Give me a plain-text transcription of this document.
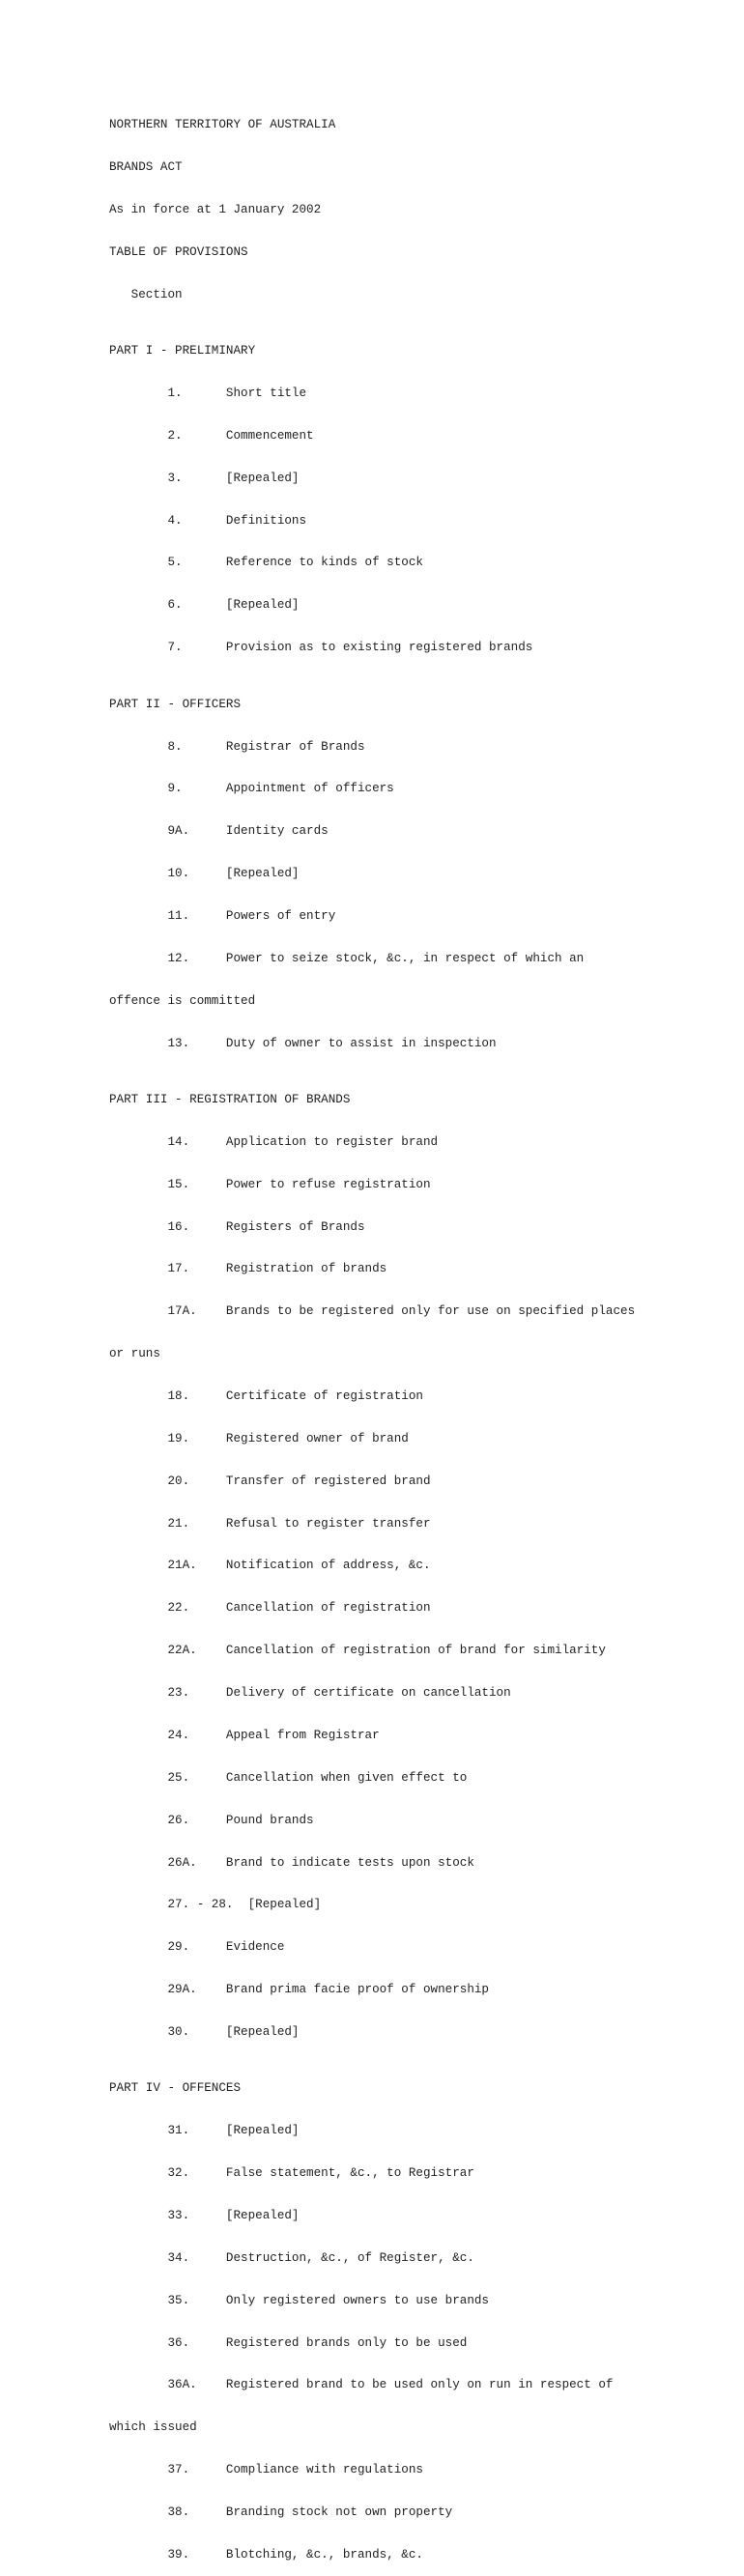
NORTHERN TERRITORY OF AUSTRALIA

BRANDS ACT

As in force at 1 January 2002

TABLE OF PROVISIONS

Section

PART I - PRELIMINARY

1.      Short title

2.      Commencement

3.      [Repealed]

4.      Definitions

5.      Reference to kinds of stock

6.      [Repealed]

7.      Provision as to existing registered brands

PART II - OFFICERS

8.      Registrar of Brands

9.      Appointment of officers

9A.     Identity cards

10.     [Repealed]

11.     Powers of entry

12.     Power to seize stock, &c., in respect of which an

offence is committed

13.     Duty of owner to assist in inspection

PART III - REGISTRATION OF BRANDS

14.     Application to register brand

15.     Power to refuse registration

16.     Registers of Brands

17.     Registration of brands

17A.    Brands to be registered only for use on specified places

or runs

18.     Certificate of registration

19.     Registered owner of brand

20.     Transfer of registered brand

21.     Refusal to register transfer

21A.    Notification of address, &c.

22.     Cancellation of registration

22A.    Cancellation of registration of brand for similarity

23.     Delivery of certificate on cancellation

24.     Appeal from Registrar

25.     Cancellation when given effect to

26.     Pound brands

26A.    Brand to indicate tests upon stock

27. - 28.  [Repealed]

29.     Evidence

29A.    Brand prima facie proof of ownership

30.     [Repealed]

PART IV - OFFENCES

31.     [Repealed]

32.     False statement, &c., to Registrar

33.     [Repealed]

34.     Destruction, &c., of Register, &c.

35.     Only registered owners to use brands

36.     Registered brands only to be used

36A.    Registered brand to be used only on run in respect of

which issued

37.     Compliance with regulations

38.     Branding stock not own property

39.     Blotching, &c., brands, &c.
